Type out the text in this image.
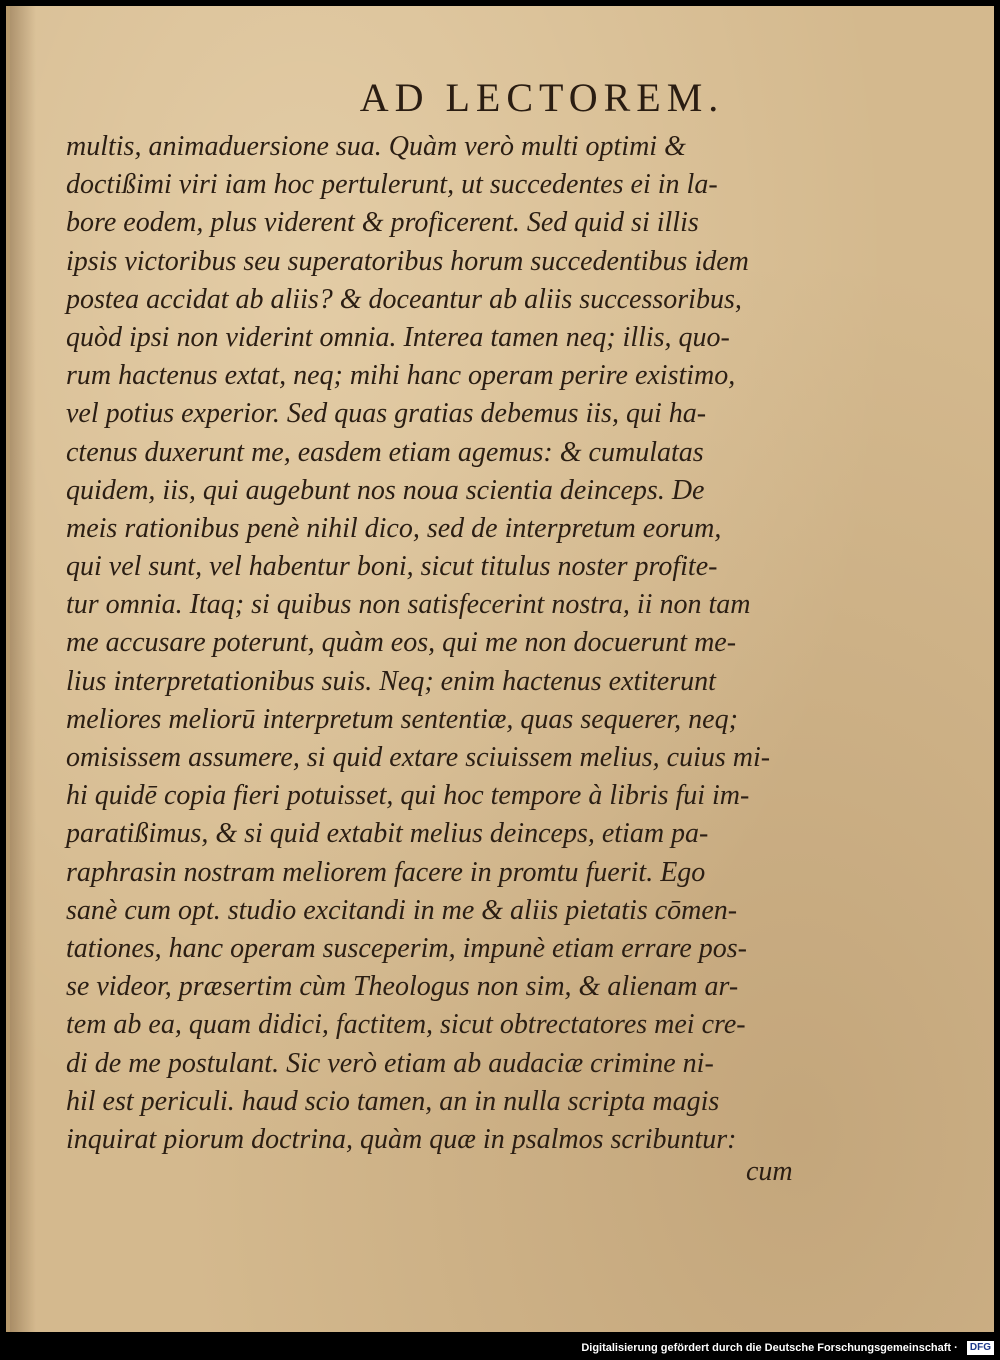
AD LECTOREM.
multis, animaduersione sua. Quàm verò multi optimi &
doctißimi viri iam hoc pertulerunt, ut succedentes ei in la-
bore eodem, plus viderent & proficerent. Sed quid si illis
ipsis victoribus seu superatoribus horum succedentibus idem
postea accidat ab aliis? & doceantur ab aliis successoribus,
quòd ipsi non viderint omnia. Interea tamen neq; illis, quo-
rum hactenus extat, neq; mihi hanc operam perire existimo,
vel potius experior. Sed quas gratias debemus iis, qui ha-
ctenus duxerunt me, easdem etiam agemus: & cumulatas
quidem, iis, qui augebunt nos noua scientia deinceps. De
meis rationibus penè nihil dico, sed de interpretum eorum,
qui vel sunt, vel habentur boni, sicut titulus noster profite-
tur omnia. Itaq; si quibus non satisfecerint nostra, ii non tam
me accusare poterunt, quàm eos, qui me non docuerunt me-
lius interpretationibus suis. Neq; enim hactenus extiterunt
meliores meliorū interpretum sententiæ, quas sequerer, neq;
omisissem assumere, si quid extare sciuissem melius, cuius mi-
hi quidē copia fieri potuisset, qui hoc tempore à libris fui im-
paratißimus, & si quid extabit melius deinceps, etiam pa-
raphrasin nostram meliorem facere in promtu fuerit. Ego
sanè cum opt. studio excitandi in me & aliis pietatis cōmen-
tationes, hanc operam susceperim, impunè etiam errare pos-
se videor, præsertim cùm Theologus non sim, & alienam ar-
tem ab ea, quam didici, factitem, sicut obtrectatores mei cre-
di de me postulant. Sic verò etiam ab audaciæ crimine ni-
hil est periculi. haud scio tamen, an in nulla scripta magis
inquirat piorum doctrina, quàm quæ in psalmos scribuntur:
cum
Digitalisierung gefördert durch die Deutsche Forschungsgemeinschaft · DFG
